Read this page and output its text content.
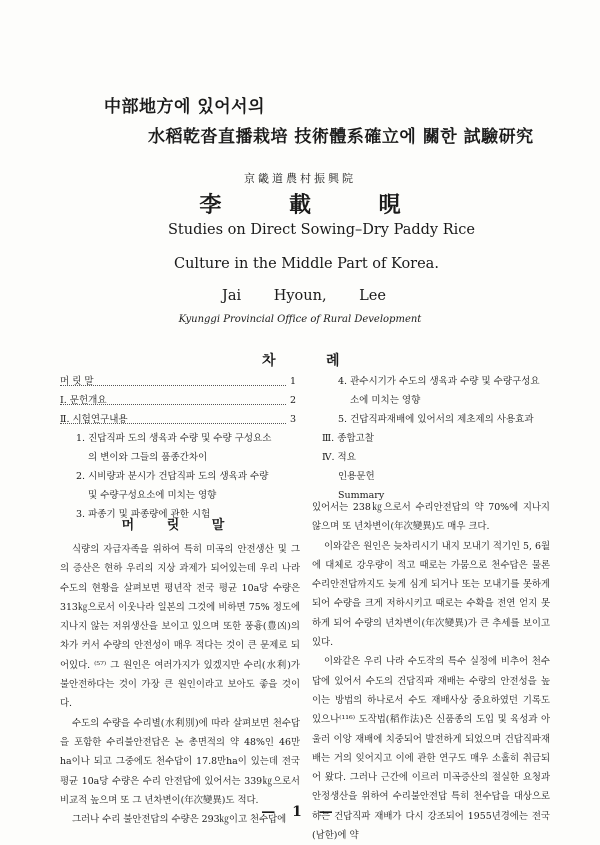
中部地方에 있어서의
水稻乾沓直播栽培 技術體系確立에 關한 試驗研究
京畿道農村振興院
李 載 晛
Studies on Direct Sowing–Dry Paddy Rice
Culture in the Middle Part of Korea.
Jai Hyoun, Lee
Kyunggi Provincial Office of Rural Development
차	례
머 릿 말	1
Ⅰ. 문헌개요	2
Ⅱ. 시험연구내용	3
1. 진답직파 도의 생육과 수량 및 수량 구성요소
의 변이와 그들의 품종간차이
2. 시비량과 분시가 건답직파 도의 생육과 수량
및 수량구성요소에 미치는 영향
3. 파종기 및 파종량에 관한 시험
4. 관수시기가 수도의 생육과 수량 및 수량구성요
소에 미치는 영향
5. 건답직파재배에 있어서의 제초제의 사용효과
Ⅲ. 종합고찰
Ⅳ. 적요
인용문헌
Summary
머 릿 말

식량의 자급자족을 위하여 특히 미곡의 안전생산 및 그의 증산은 현하 우리의 지상 과제가 되어있는데 우리 나라 수도의 현황을 살펴보면 평년작 전국 평균 10a당 수량은 313㎏으로서 이웃나라 일본의 그것에 비하면 75% 정도에 지나지 않는 저위생산을 보이고 있으며 또한 풍흉(豊凶)의 차가 커서 수량의 안전성이 매우 적다는 것이 큰 문제로 되어있다. ⁽⁵⁷⁾ 그 원인은 여러가지가 있겠지만 수리(水利)가 불안전하다는 것이 가장 큰 원인이라고 보아도 좋을 것이다.

수도의 수량을 수리별(水利別)에 따라 살펴보면 천수답을 포함한 수리불안전답은 논 총면적의 약 48%인 46만 ha이나 되고 그중에도 천수답이 17.8만ha이 있는데 전국 평균 10a당 수량은 수리 안전답에 있어서는 339㎏으로서 비교적 높으며 또 그 년차변이(年次變異)도 적다.

그러나 수리 불안전답의 수량은 293㎏이고 천수답에

있어서는 238㎏으로서 수리안전답의 약 70%에 지나지 않으며 또 년차변이(年次變異)도 매우 크다.

이와같은 원인은 늦차리시기 내지 모내기 적기인 5, 6월에 대체로 강우량이 적고 때로는 가뭄으로 천수답은 물론 수리안전답까지도 늦게 심게 되거나 또는 모내기를 못하게 되어 수량을 크게 저하시키고 때로는 수확을 전연 얻지 못하게 되어 수량의 년차변이(年次變異)가 큰 추세를 보이고 있다.

이와같은 우리 나라 수도작의 특수 실정에 비추어 천수답에 있어서 수도의 건답직파 재배는 수량의 안전성을 높이는 방법의 하나로서 수도 재배사상 중요하였던 기록도 있으나⁽¹¹⁶⁾ 도작법(稻作法)은 신품종의 도입 및 육성과 아울러 이앙 재배에 치중되어 발전하게 되었으며 건답직파재배는 거의 잊어지고 이에 관한 연구도 매우 소홀히 취급되어 왔다. 그러나 근간에 이르러 미곡증산의 절실한 요청과 안정생산을 위하여 수리불안전답 특히 천수답을 대상으로하는 건답직파 재배가 다시 강조되어 1955년경에는 전국(남한)에 약

— 1 —
